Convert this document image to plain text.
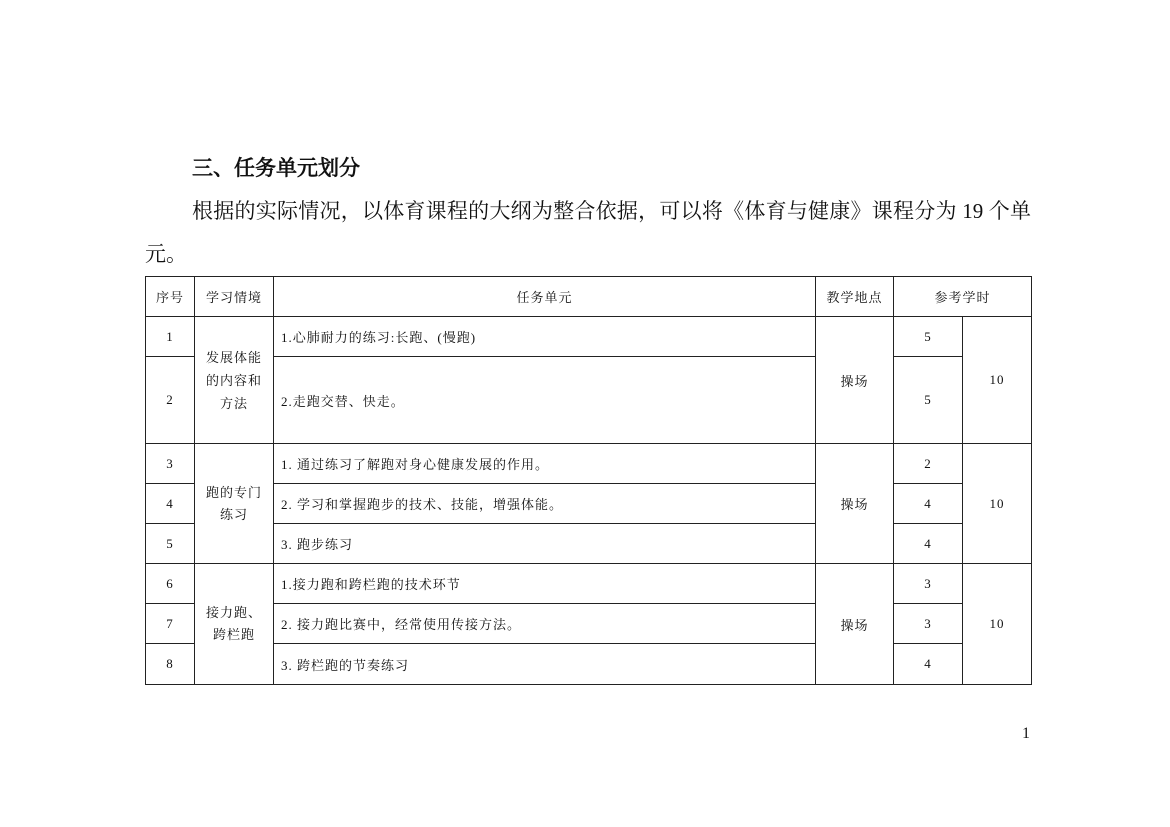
三、任务单元划分

根据的实际情况，以体育课程的大纲为整合依据，可以将《体育与健康》课程分为 19 个单元。

序号	学习情境	任务单元	教学地点	参考学时	
1	发展体能的内容和方法	1.心肺耐力的练习:长跑、(慢跑)	操场	5	10
2		2.走跑交替、快走。		5	
3	跑的专门练习	1. 通过练习了解跑对身心健康发展的作用。	操场	2	10
4		2. 学习和掌握跑步的技术、技能，增强体能。		4	
5		3. 跑步练习		4	
6	接力跑、跨栏跑	1.接力跑和跨栏跑的技术环节	操场	3	10
7		2. 接力跑比赛中，经常使用传接方法。		3	
8		3. 跨栏跑的节奏练习		4	
1
